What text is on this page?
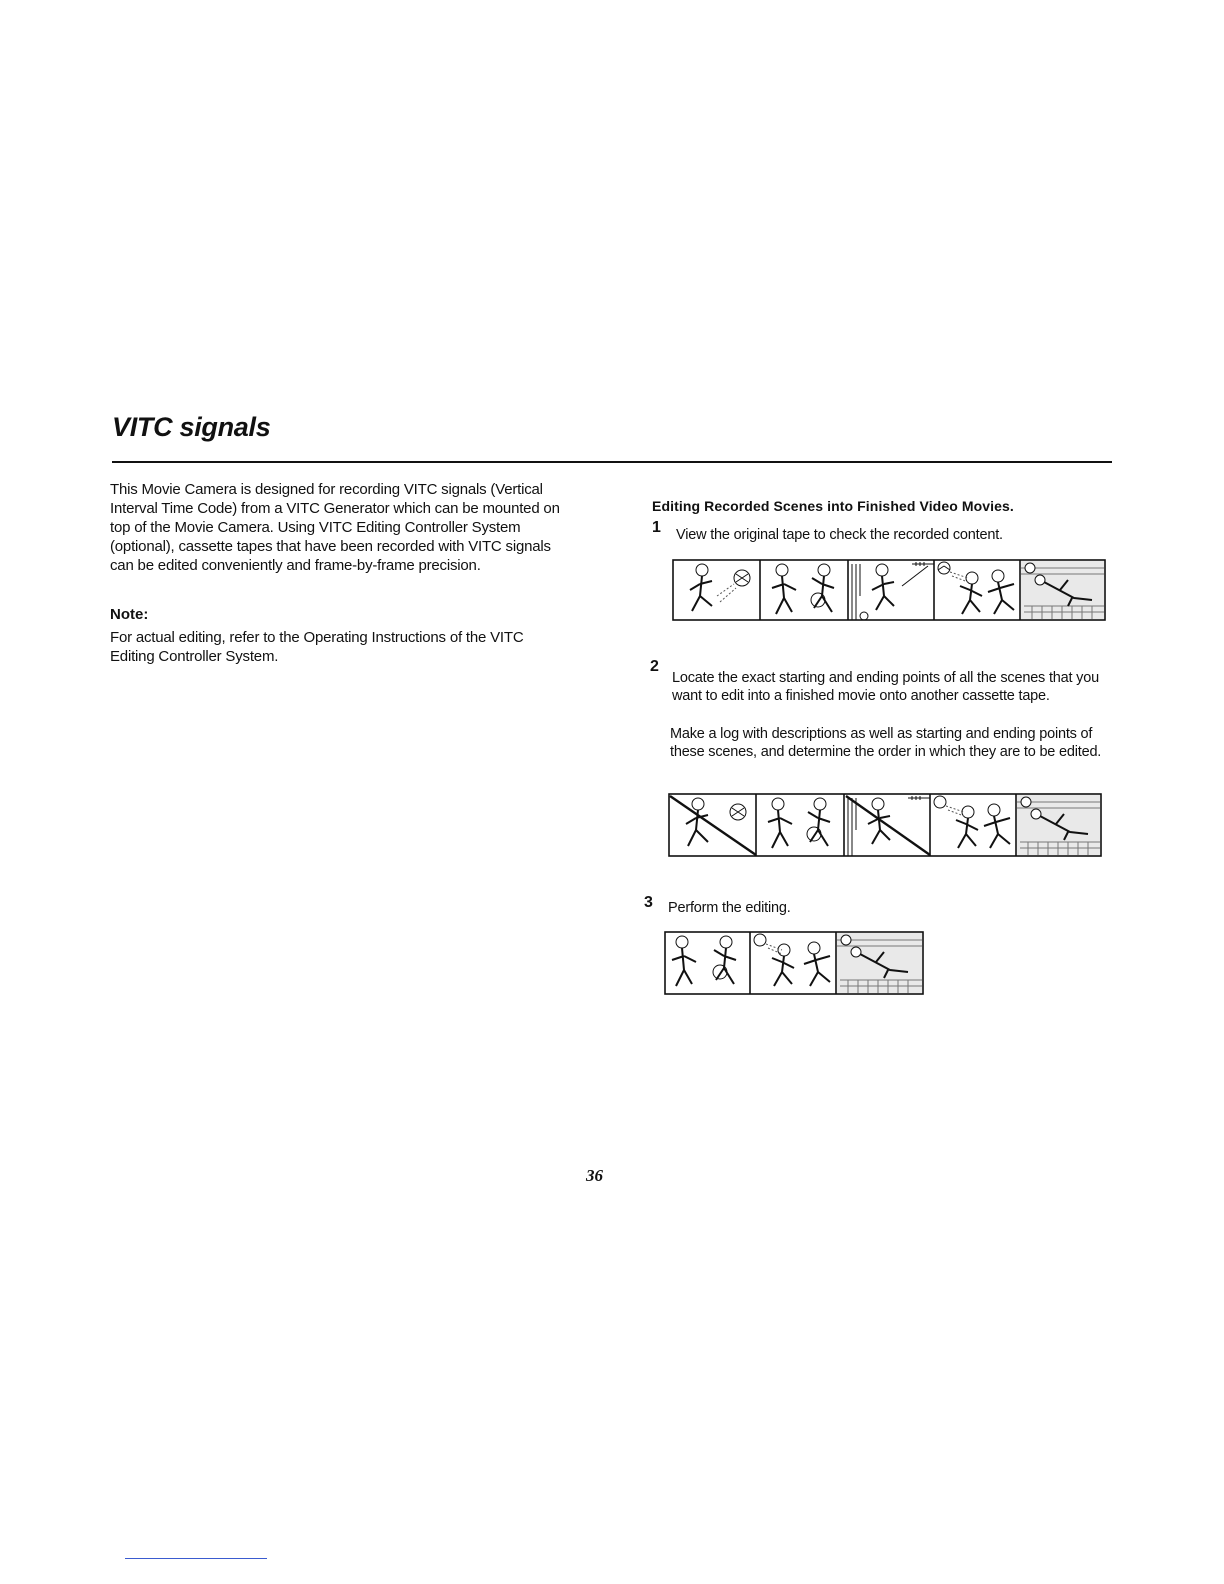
VITC signals

This Movie Camera is designed for recording VITC signals (Vertical Interval Time Code) from a VITC Generator which can be mounted on top of the Movie Camera. Using VITC Editing Controller System (optional), cassette tapes that have been recorded with VITC signals can be edited conveniently and frame-by-frame precision.

Note:

For actual editing, refer to the Operating Instructions of the VITC Editing Controller System.

Editing Recorded Scenes into Finished Video Movies.

1 View the original tape to check the recorded content.

2

Locate the exact starting and ending points of all the scenes that you want to edit into a finished movie onto another cassette tape.

Make a log with descriptions as well as starting and ending points of these scenes, and determine the order in which they are to be edited.

3 Perform the editing.

36
